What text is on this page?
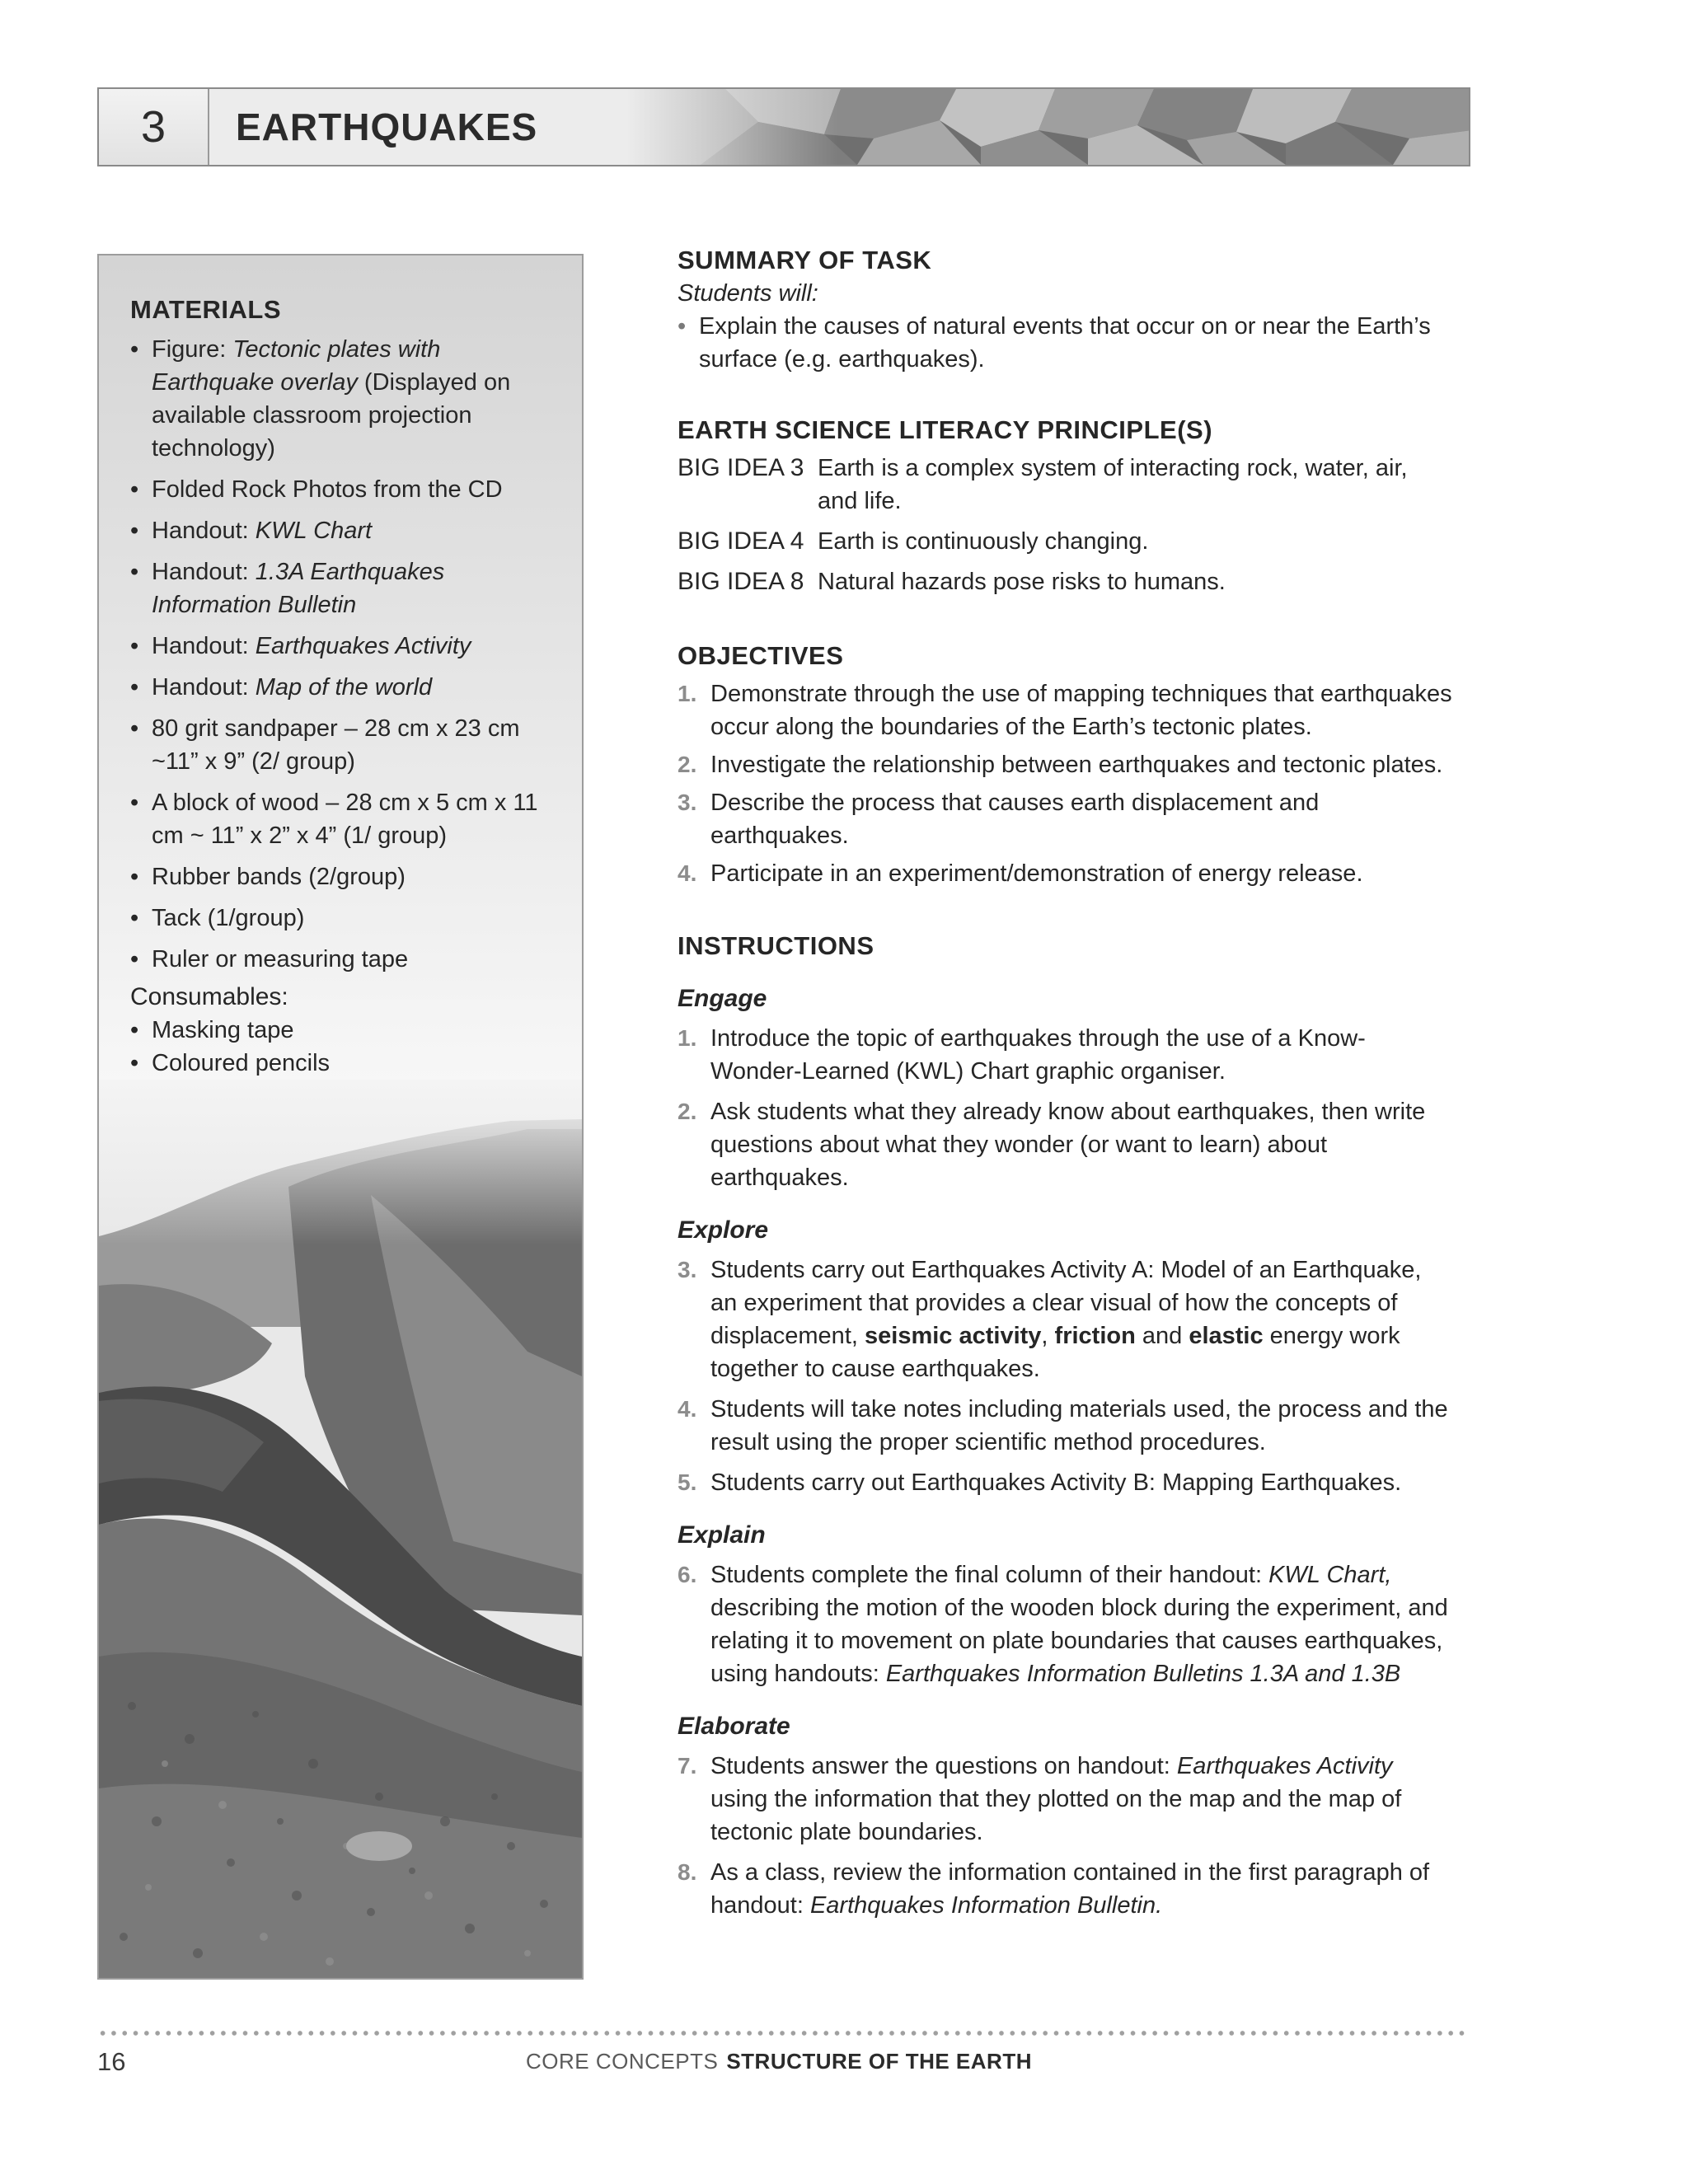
3	EARTHQUAKES
MATERIALS
• Figure: Tectonic plates with Earthquake overlay (Displayed on available classroom projection technology)
• Folded Rock Photos from the CD
• Handout: KWL Chart
• Handout: 1.3A Earthquakes Information Bulletin
• Handout: Earthquakes Activity
• Handout: Map of the world
• 80 grit sandpaper – 28 cm x 23 cm ~11” x 9” (2/ group)
• A block of wood – 28 cm x 5 cm x 11 cm ~ 11” x 2” x 4” (1/ group)
• Rubber bands (2/group)
• Tack (1/group)
• Ruler or measuring tape
Consumables:
• Masking tape
• Coloured pencils
SUMMARY OF TASK
Students will:
• Explain the causes of natural events that occur on or near the Earth’s surface (e.g. earthquakes).
EARTH SCIENCE LITERACY PRINCIPLE(S)
BIG IDEA 3 Earth is a complex system of interacting rock, water, air, and life.
BIG IDEA 4 Earth is continuously changing.
BIG IDEA 8 Natural hazards pose risks to humans.
OBJECTIVES
1. Demonstrate through the use of mapping techniques that earthquakes occur along the boundaries of the Earth’s tectonic plates.
2. Investigate the relationship between earthquakes and tectonic plates.
3. Describe the process that causes earth displacement and earthquakes.
4. Participate in an experiment/demonstration of energy release.
INSTRUCTIONS
Engage
1. Introduce the topic of earthquakes through the use of a Know-Wonder-Learned (KWL) Chart graphic organiser.
2. Ask students what they already know about earthquakes, then write questions about what they wonder (or want to learn) about earthquakes.
Explore
3. Students carry out Earthquakes Activity A: Model of an Earthquake, an experiment that provides a clear visual of how the concepts of displacement, seismic activity, friction and elastic energy work together to cause earthquakes.
4. Students will take notes including materials used, the process and the result using the proper scientific method procedures.
5. Students carry out Earthquakes Activity B: Mapping Earthquakes.
Explain
6. Students complete the final column of their handout: KWL Chart, describing the motion of the wooden block during the experiment, and relating it to movement on plate boundaries that causes earthquakes, using handouts: Earthquakes Information Bulletins 1.3A and 1.3B
Elaborate
7. Students answer the questions on handout: Earthquakes Activity using the information that they plotted on the map and the map of tectonic plate boundaries.
8. As a class, review the information contained in the first paragraph of handout: Earthquakes Information Bulletin.
16	CORE CONCEPTS STRUCTURE OF THE EARTH
